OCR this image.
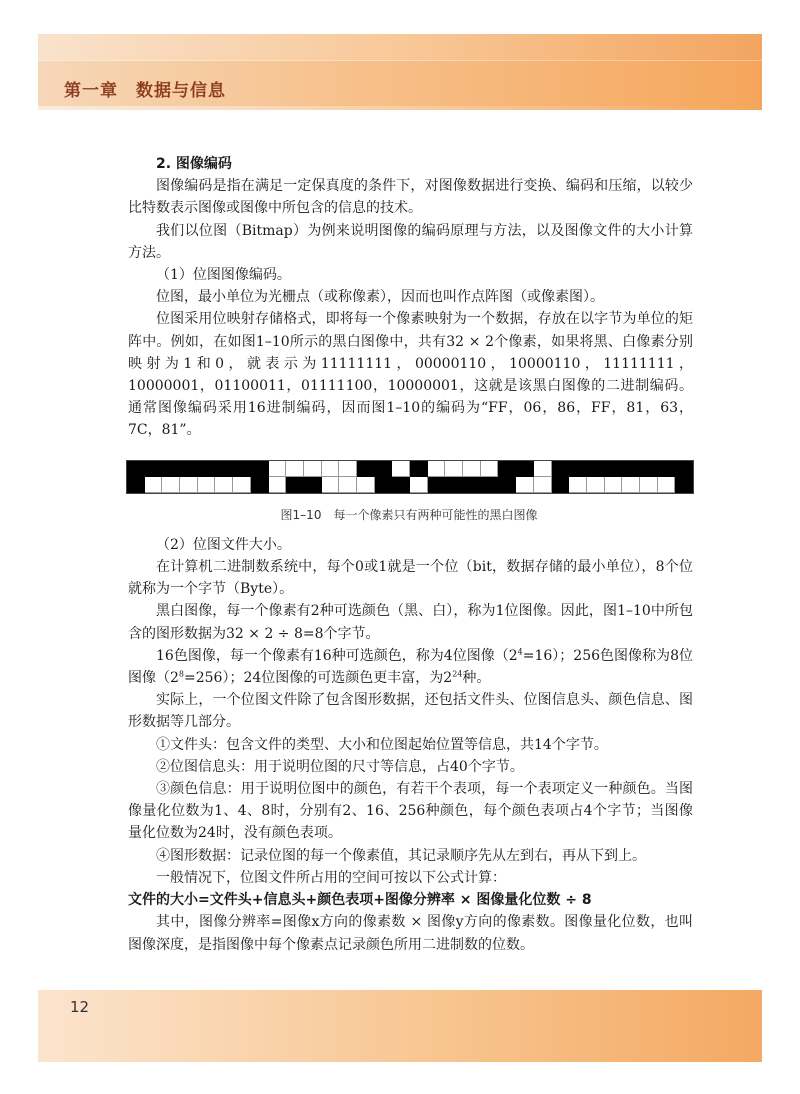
第一章　数据与信息

2. 图像编码

图像编码是指在满足一定保真度的条件下，对图像数据进行变换、编码和压缩，以较少比特数表示图像或图像中所包含的信息的技术。

我们以位图（Bitmap）为例来说明图像的编码原理与方法，以及图像文件的大小计算方法。

（1）位图图像编码。

位图，最小单位为光栅点（或称像素），因而也叫作点阵图（或像素图）。

位图采用位映射存储格式，即将每一个像素映射为一个数据，存放在以字节为单位的矩阵中。例如，在如图1–10所示的黑白图像中，共有32 × 2个像素，如果将黑、白像素分别映射为1和0，就表示为11111111，00000110，10000110，11111111，10000001，01100011，01111100，10000001，这就是该黑白图像的二进制编码。通常图像编码采用16进制编码，因而图1–10的编码为“FF，06，86，FF，81，63，7C，81”。

图1–10　每一个像素只有两种可能性的黑白图像

（2）位图文件大小。

在计算机二进制数系统中，每个0或1就是一个位（bit，数据存储的最小单位），8个位就称为一个字节（Byte）。

黑白图像，每一个像素有2种可选颜色（黑、白），称为1位图像。因此，图1–10中所包含的图形数据为32 × 2 ÷ 8=8个字节。

16色图像，每一个像素有16种可选颜色，称为4位图像$(2^4=16)$；256色图像称为8位图像$(2^8=256)$；24位图像的可选颜色更丰富，为$2^{24}$种。

实际上，一个位图文件除了包含图形数据，还包括文件头、位图信息头、颜色信息、图形数据等几部分。

①文件头：包含文件的类型、大小和位图起始位置等信息，共14个字节。

②位图信息头：用于说明位图的尺寸等信息，占40个字节。

③颜色信息：用于说明位图中的颜色，有若干个表项，每一个表项定义一种颜色。当图像量化位数为1、4、8时，分别有2、16、256种颜色，每个颜色表项占4个字节；当图像量化位数为24时，没有颜色表项。

④图形数据：记录位图的每一个像素值，其记录顺序先从左到右，再从下到上。

一般情况下，位图文件所占用的空间可按以下公式计算：

文件的大小=文件头+信息头+颜色表项+图像分辨率 × 图像量化位数 ÷ 8

其中，图像分辨率=图像x方向的像素数 × 图像y方向的像素数。图像量化位数，也叫图像深度，是指图像中每个像素点记录颜色所用二进制数的位数。

12
